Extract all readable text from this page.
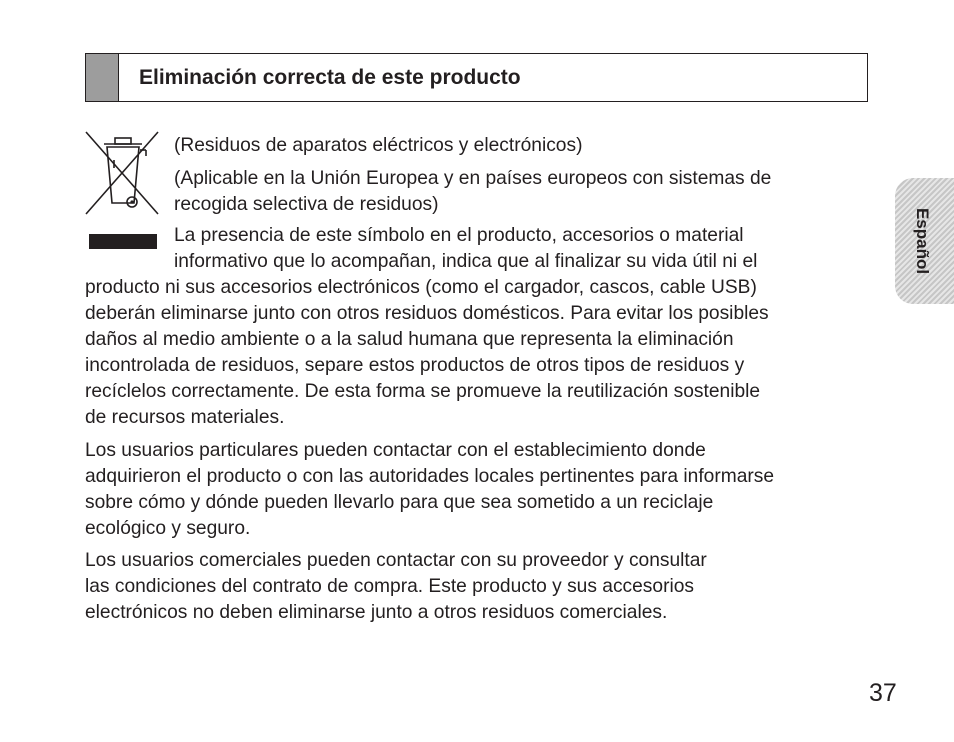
Eliminación correcta de este producto
(Residuos de aparatos eléctricos y electrónicos)
(Aplicable en la Unión Europea y en países europeos con sistemas de
recogida selectiva de residuos)
La presencia de este símbolo en el producto, accesorios o material
informativo que lo acompañan, indica que al finalizar su vida útil ni el
producto ni sus accesorios electrónicos (como el cargador, cascos, cable USB)
deberán eliminarse junto con otros residuos domésticos. Para evitar los posibles
daños al medio ambiente o a la salud humana que representa la eliminación
incontrolada de residuos, separe estos productos de otros tipos de residuos y
recíclelos correctamente. De esta forma se promueve la reutilización sostenible
de recursos materiales.
Los usuarios particulares pueden contactar con el establecimiento donde
adquirieron el producto o con las autoridades locales pertinentes para informarse
sobre cómo y dónde pueden llevarlo para que sea sometido a un reciclaje
ecológico y seguro.
Los usuarios comerciales pueden contactar con su proveedor y consultar
las condiciones del contrato de compra. Este producto y sus accesorios
electrónicos no deben eliminarse junto a otros residuos comerciales.
Español
37
